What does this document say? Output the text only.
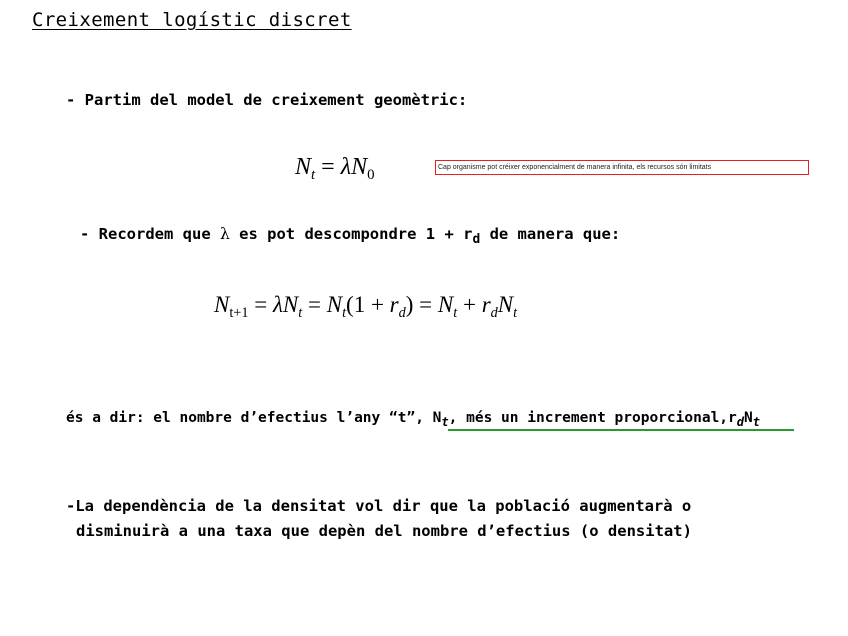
Creixement logístic discret
- Partim del model de creixement geomètric:
$N_t = \lambda N_0$	Cap organisme pot créixer exponencialment de manera infinita, els recursos són limitats
- Recordem que λ es pot descompondre $1 + r_d$ de manera que:
$N_{t+1} = \lambda N_t = N_t(1 + r_d) = N_t + r_dN_t$
és a dir: el nombre d’efectius l’any “t”, $N_t$, més un increment $proporcional,r_dN_t$
-La dependència de la densitat vol dir que la població augmentarà o
disminuirà a una taxa que depèn del nombre d’efectius (o densitat)
